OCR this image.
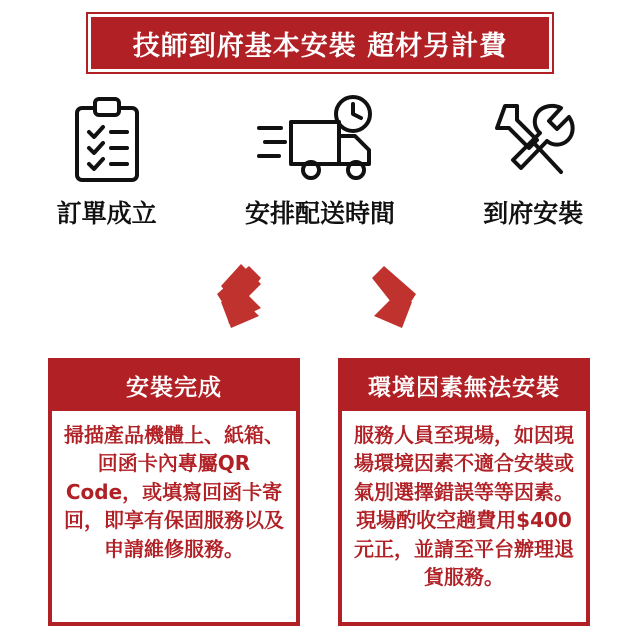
技師到府基本安裝 超材另計費
訂單成立	安排配送時間	到府安裝
安裝完成
掃描產品機體上、紙箱、回函卡內專屬QR Code，或填寫回函卡寄回，即享有保固服務以及申請維修服務。
環境因素無法安裝
服務人員至現場，如因現場環境因素不適合安裝或氣別選擇錯誤等等因素。現場酌收空趟費用$400元正，並請至平台辦理退貨服務。
